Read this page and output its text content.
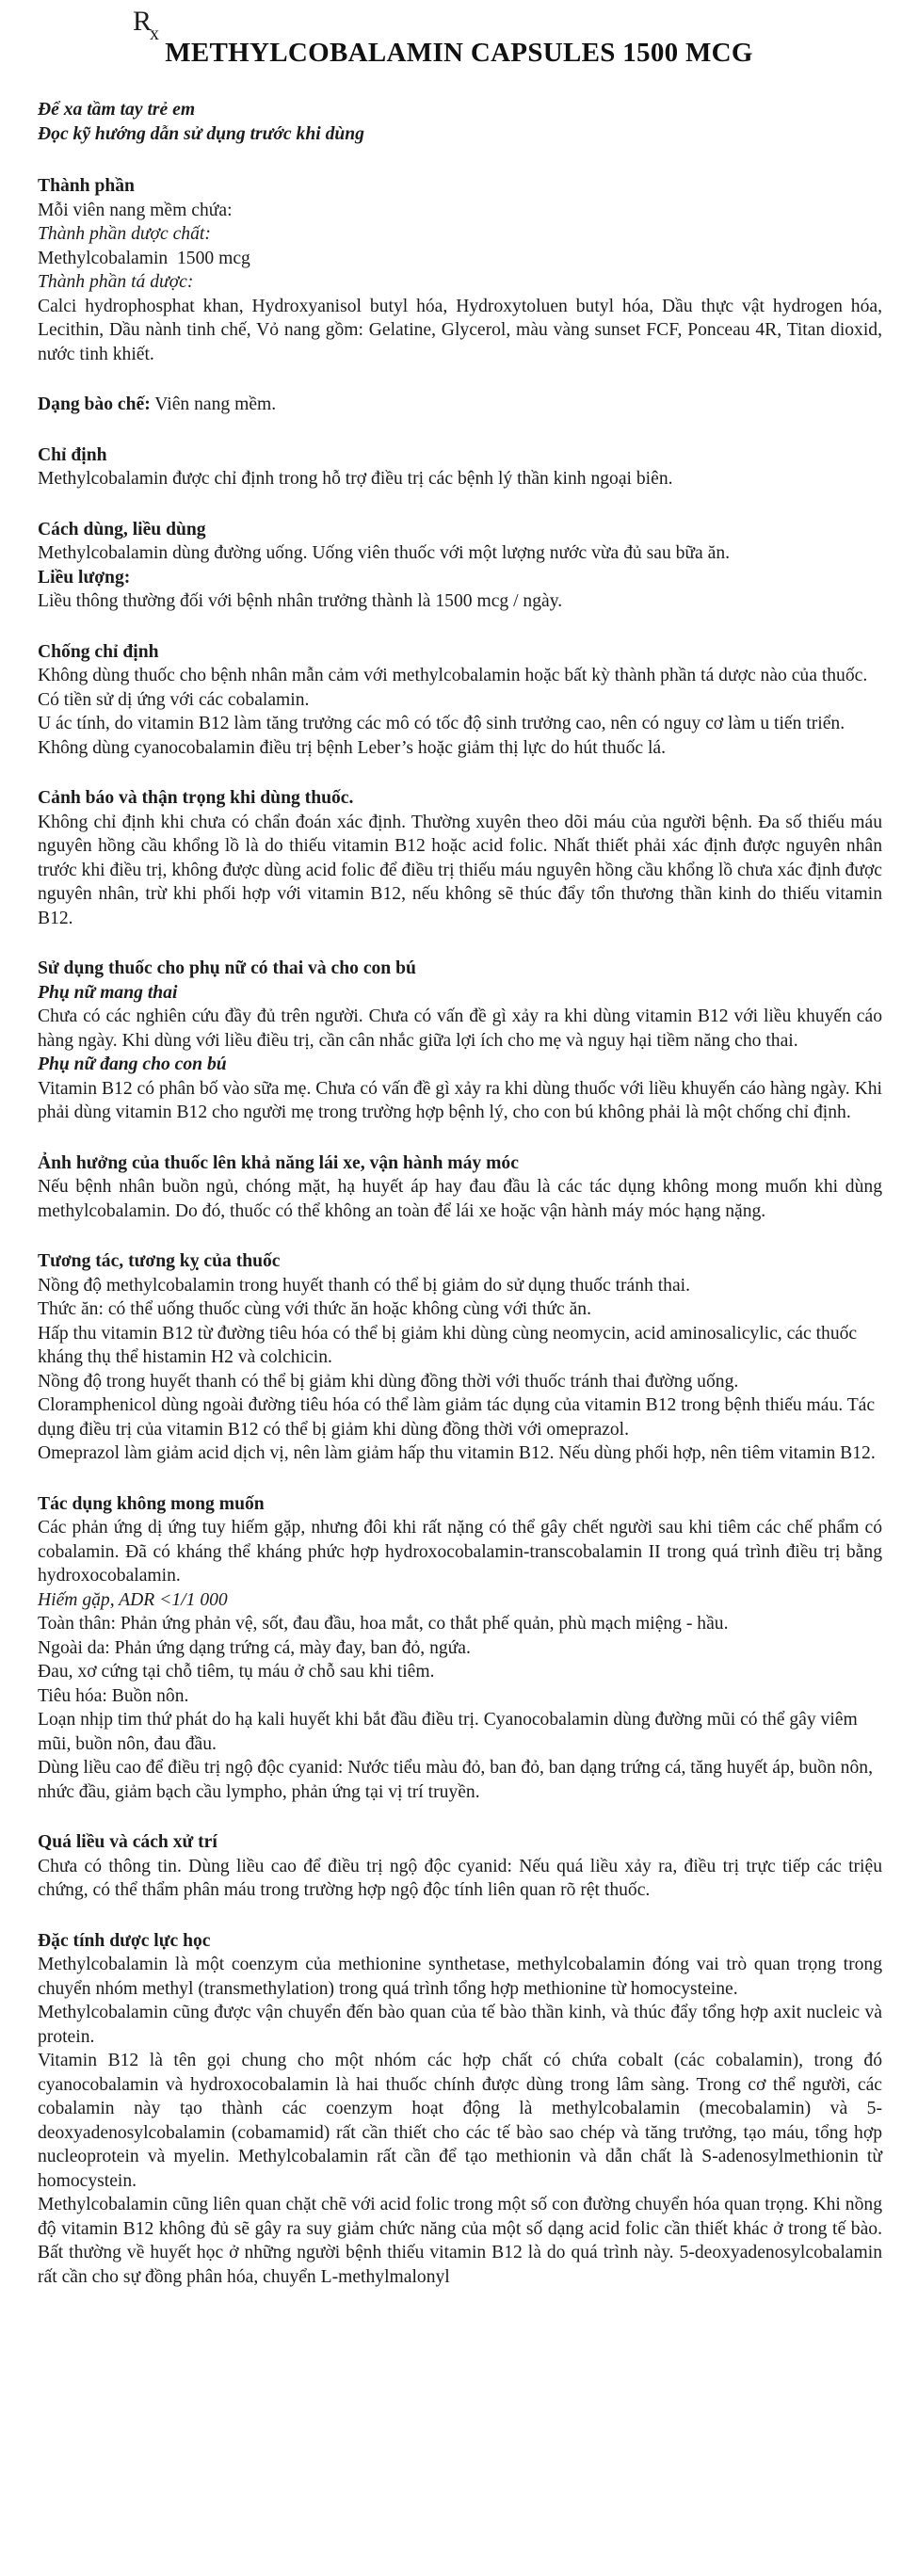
$R_x$
METHYLCOBALAMIN CAPSULES 1500 MCG

Để xa tầm tay trẻ em

Đọc kỹ hướng dẫn sử dụng trước khi dùng

Thành phần

Mỗi viên nang mềm chứa:

Thành phần dược chất:

Methylcobalamin  1500 mcg

Thành phần tá dược:

Calci hydrophosphat khan, Hydroxyanisol butyl hóa, Hydroxytoluen butyl hóa, Dầu thực vật hydrogen hóa, Lecithin, Dầu nành tinh chế, Vỏ nang gồm: Gelatine, Glycerol, màu vàng sunset FCF, Ponceau 4R, Titan dioxid, nước tinh khiết.

Dạng bào chế: Viên nang mềm.

Chỉ định

Methylcobalamin được chỉ định trong hỗ trợ điều trị các bệnh lý thần kinh ngoại biên.

Cách dùng, liều dùng

Methylcobalamin dùng đường uống. Uống viên thuốc với một lượng nước vừa đủ sau bữa ăn.

Liều lượng:

Liều thông thường đối với bệnh nhân trưởng thành là 1500 mcg / ngày.

Chống chỉ định

Không dùng thuốc cho bệnh nhân mẫn cảm với methylcobalamin hoặc bất kỳ thành phần tá dược nào của thuốc.

Có tiền sử dị ứng với các cobalamin.

U ác tính, do vitamin B12 làm tăng trưởng các mô có tốc độ sinh trưởng cao, nên có nguy cơ làm u tiến triển.

Không dùng cyanocobalamin điều trị bệnh Leber’s hoặc giảm thị lực do hút thuốc lá.

Cảnh báo và thận trọng khi dùng thuốc.

Không chỉ định khi chưa có chẩn đoán xác định. Thường xuyên theo dõi máu của người bệnh. Đa số thiếu máu nguyên hồng cầu khổng lồ là do thiếu vitamin B12 hoặc acid folic. Nhất thiết phải xác định được nguyên nhân trước khi điều trị, không được dùng acid folic để điều trị thiếu máu nguyên hồng cầu khổng lồ chưa xác định được nguyên nhân, trừ khi phối hợp với vitamin B12, nếu không sẽ thúc đẩy tổn thương thần kinh do thiếu vitamin B12.

Sử dụng thuốc cho phụ nữ có thai và cho con bú

Phụ nữ mang thai

Chưa có các nghiên cứu đầy đủ trên người. Chưa có vấn đề gì xảy ra khi dùng vitamin B12 với liều khuyến cáo hàng ngày. Khi dùng với liều điều trị, cần cân nhắc giữa lợi ích cho mẹ và nguy hại tiềm năng cho thai.

Phụ nữ đang cho con bú

Vitamin B12 có phân bố vào sữa mẹ. Chưa có vấn đề gì xảy ra khi dùng thuốc với liều khuyến cáo hàng ngày. Khi phải dùng vitamin B12 cho người mẹ trong trường hợp bệnh lý, cho con bú không phải là một chống chỉ định.

Ảnh hưởng của thuốc lên khả năng lái xe, vận hành máy móc

Nếu bệnh nhân buồn ngủ, chóng mặt, hạ huyết áp hay đau đầu là các tác dụng không mong muốn khi dùng methylcobalamin. Do đó, thuốc có thể không an toàn để lái xe hoặc vận hành máy móc hạng nặng.

Tương tác, tương kỵ của thuốc

Nồng độ methylcobalamin trong huyết thanh có thể bị giảm do sử dụng thuốc tránh thai.

Thức ăn: có thể uống thuốc cùng với thức ăn hoặc không cùng với thức ăn.

Hấp thu vitamin B12 từ đường tiêu hóa có thể bị giảm khi dùng cùng neomycin, acid aminosalicylic, các thuốc kháng thụ thể histamin H2 và colchicin.

Nồng độ trong huyết thanh có thể bị giảm khi dùng đồng thời với thuốc tránh thai đường uống.

Cloramphenicol dùng ngoài đường tiêu hóa có thể làm giảm tác dụng của vitamin B12 trong bệnh thiếu máu. Tác dụng điều trị của vitamin B12 có thể bị giảm khi dùng đồng thời với omeprazol.

Omeprazol làm giảm acid dịch vị, nên làm giảm hấp thu vitamin B12. Nếu dùng phối hợp, nên tiêm vitamin B12.

Tác dụng không mong muốn

Các phản ứng dị ứng tuy hiếm gặp, nhưng đôi khi rất nặng có thể gây chết người sau khi tiêm các chế phẩm có cobalamin. Đã có kháng thể kháng phức hợp hydroxocobalamin-transcobalamin II trong quá trình điều trị bằng hydroxocobalamin.

Hiếm gặp, ADR <1/1 000

Toàn thân: Phản ứng phản vệ, sốt, đau đầu, hoa mắt, co thắt phế quản, phù mạch miệng - hầu.

Ngoài da: Phản ứng dạng trứng cá, mày đay, ban đỏ, ngứa.

Đau, xơ cứng tại chỗ tiêm, tụ máu ở chỗ sau khi tiêm.

Tiêu hóa: Buồn nôn.

Loạn nhịp tim thứ phát do hạ kali huyết khi bắt đầu điều trị. Cyanocobalamin dùng đường mũi có thể gây viêm mũi, buồn nôn, đau đầu.

Dùng liều cao để điều trị ngộ độc cyanid: Nước tiểu màu đỏ, ban đỏ, ban dạng trứng cá, tăng huyết áp, buồn nôn, nhức đầu, giảm bạch cầu lympho, phản ứng tại vị trí truyền.

Quá liều và cách xử trí

Chưa có thông tin. Dùng liều cao để điều trị ngộ độc cyanid: Nếu quá liều xảy ra, điều trị trực tiếp các triệu chứng, có thể thẩm phân máu trong trường hợp ngộ độc tính liên quan rõ rệt thuốc.

Đặc tính dược lực học

Methylcobalamin là một coenzym của methionine synthetase, methylcobalamin đóng vai trò quan trọng trong chuyển nhóm methyl (transmethylation) trong quá trình tổng hợp methionine từ homocysteine.

Methylcobalamin cũng được vận chuyển đến bào quan của tế bào thần kinh, và thúc đẩy tổng hợp axit nucleic và protein.

Vitamin B12 là tên gọi chung cho một nhóm các hợp chất có chứa cobalt (các cobalamin), trong đó cyanocobalamin và hydroxocobalamin là hai thuốc chính được dùng trong lâm sàng. Trong cơ thể người, các cobalamin này tạo thành các coenzym hoạt động là methylcobalamin (mecobalamin) và 5-deoxyadenosylcobalamin (cobamamid) rất cần thiết cho các tế bào sao chép và tăng trưởng, tạo máu, tổng hợp nucleoprotein và myelin. Methylcobalamin rất cần để tạo methionin và dẫn chất là S-adenosylmethionin từ homocystein.

Methylcobalamin cũng liên quan chặt chẽ với acid folic trong một số con đường chuyển hóa quan trọng. Khi nồng độ vitamin B12 không đủ sẽ gây ra suy giảm chức năng của một số dạng acid folic cần thiết khác ở trong tế bào. Bất thường về huyết học ở những người bệnh thiếu vitamin B12 là do quá trình này. 5-deoxyadenosylcobalamin rất cần cho sự đồng phân hóa, chuyển L-methylmalonyl
